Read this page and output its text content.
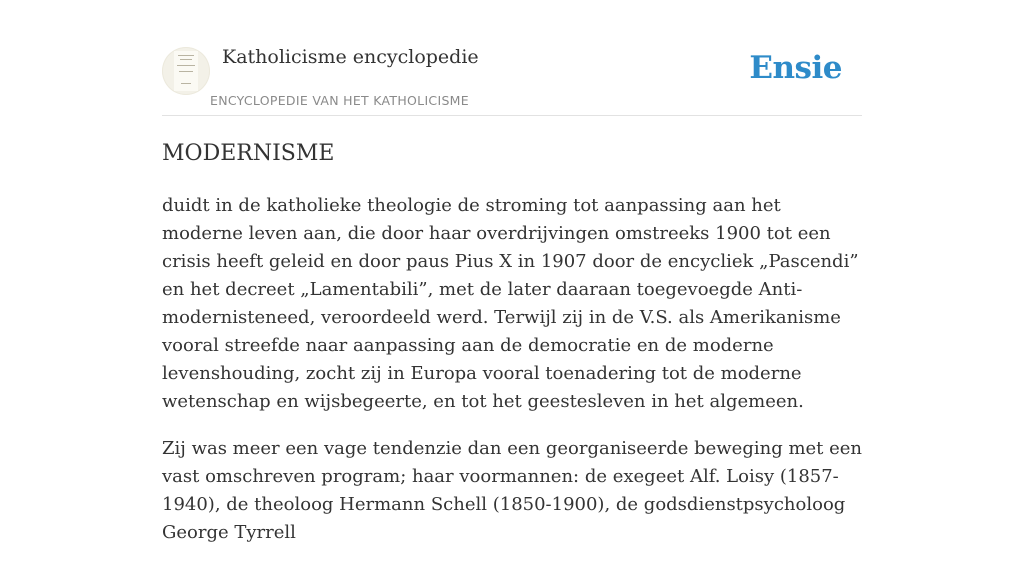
Katholicisme encyclopedie
ENCYCLOPEDIE VAN HET KATHOLICISME
Ensie
MODERNISME

duidt in de katholieke theologie de stroming tot aanpassing aan het moderne leven aan, die door haar overdrijvingen omstreeks 1900 tot een crisis heeft geleid en door paus Pius X in 1907 door de encycliek „Pascendi” en het decreet „Lamentabili”, met de later daaraan toegevoegde Anti-modernisteneed, veroordeeld werd. Terwijl zij in de V.S. als Amerikanisme vooral streefde naar aanpassing aan de democratie en de moderne levenshouding, zocht zij in Europa vooral toenadering tot de moderne wetenschap en wijsbegeerte, en tot het geestesleven in het algemeen.

Zij was meer een vage tendenzie dan een georganiseerde beweging met een vast omschreven program; haar voormannen: de exegeet Alf. Loisy (1857-1940), de theoloog Hermann Schell (1850-1900), de godsdienstpsycholoog George Tyrrell
